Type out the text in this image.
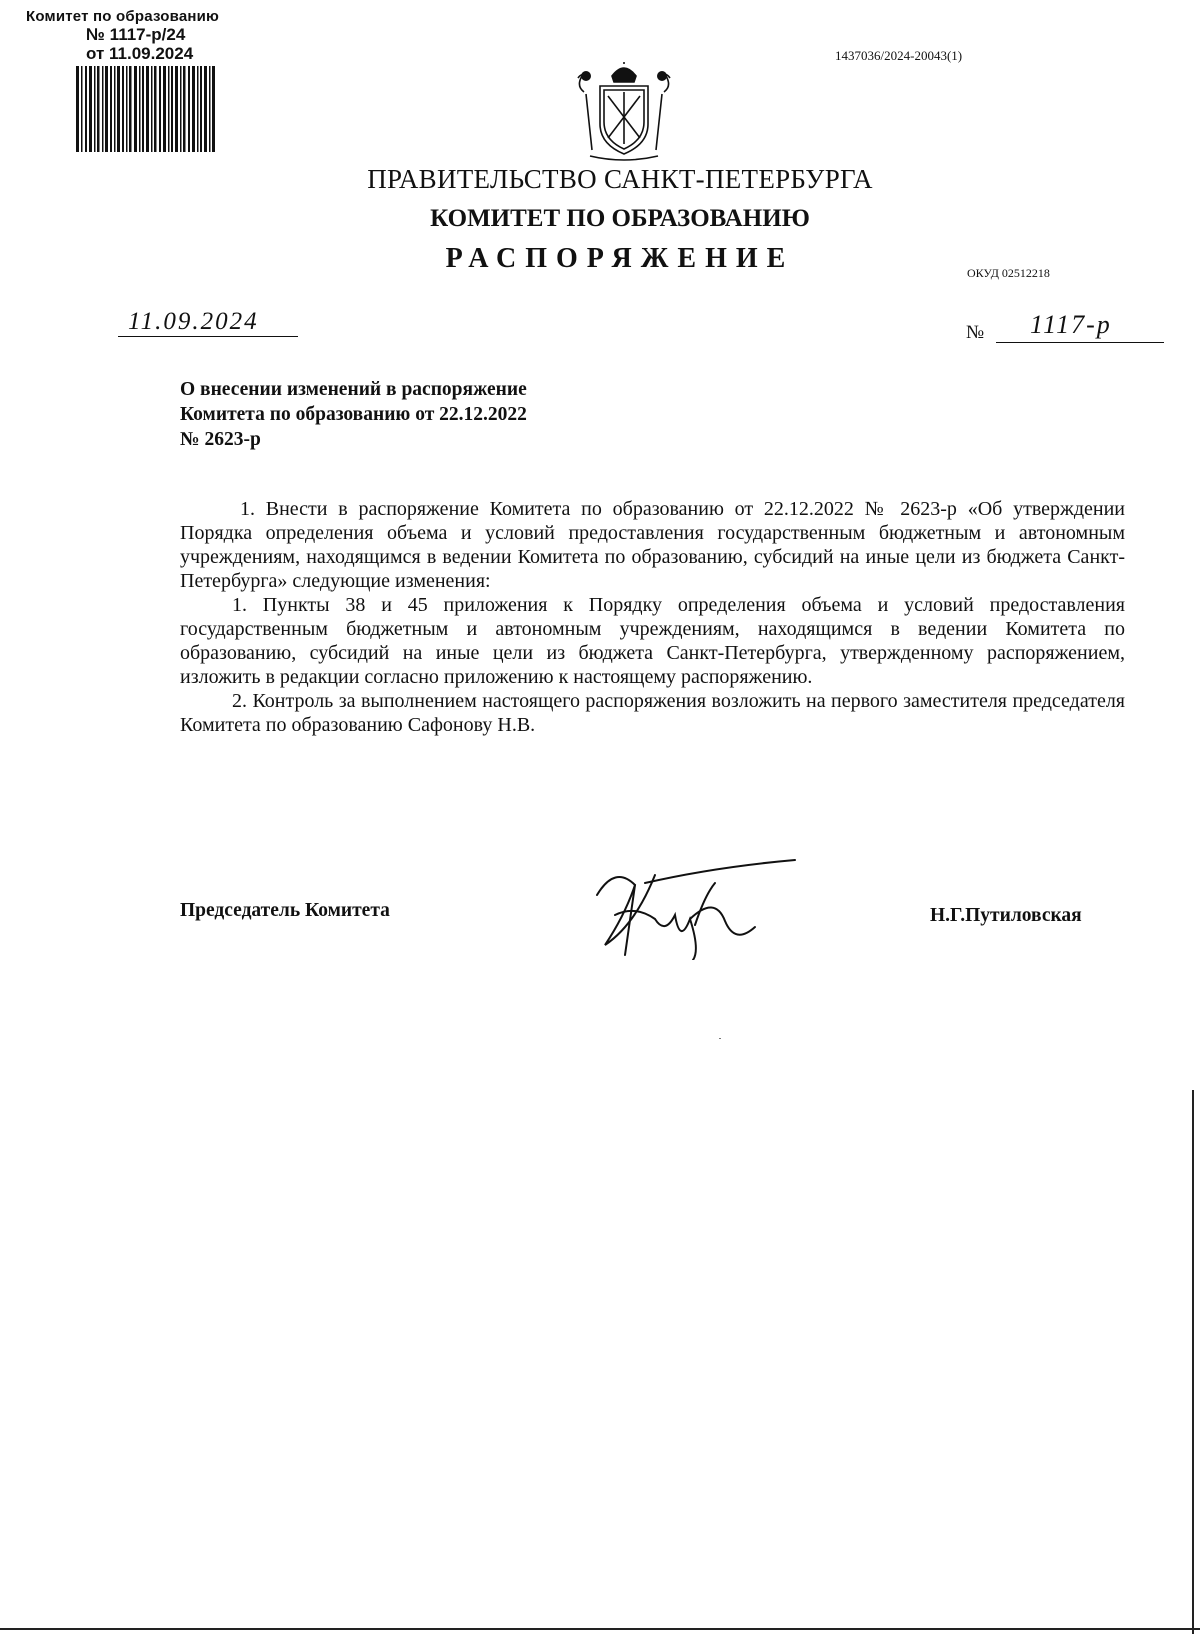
Комитет по образованию
№ 1117-р/24
от 11.09.2024	1437036/2024-20043(1)
ПРАВИТЕЛЬСТВО САНКТ-ПЕТЕРБУРГА
КОМИТЕТ ПО ОБРАЗОВАНИЮ
РАСПОРЯЖЕНИЕ	ОКУД 02512218
11.09.2024	№ 1117-р
О внесении изменений в распоряжение
Комитета по образованию от 22.12.2022
№ 2623-р

1. Внести в распоряжение Комитета по образованию от 22.12.2022 № 2623-р «Об утверждении Порядка определения объема и условий предоставления государственным бюджетным и автономным учреждениям, находящимся в ведении Комитета по образованию, субсидий на иные цели из бюджета Санкт-Петербурга» следующие изменения:

1. Пункты 38 и 45 приложения к Порядку определения объема и условий предоставления государственным бюджетным и автономным учреждениям, находящимся в ведении Комитета по образованию, субсидий на иные цели из бюджета Санкт-Петербурга, утвержденному распоряжением, изложить в редакции согласно приложению к настоящему распоряжению.

2. Контроль за выполнением настоящего распоряжения возложить на первого заместителя председателя Комитета по образованию Сафонову Н.В.

Председатель Комитета	Н.Г.Путиловская
